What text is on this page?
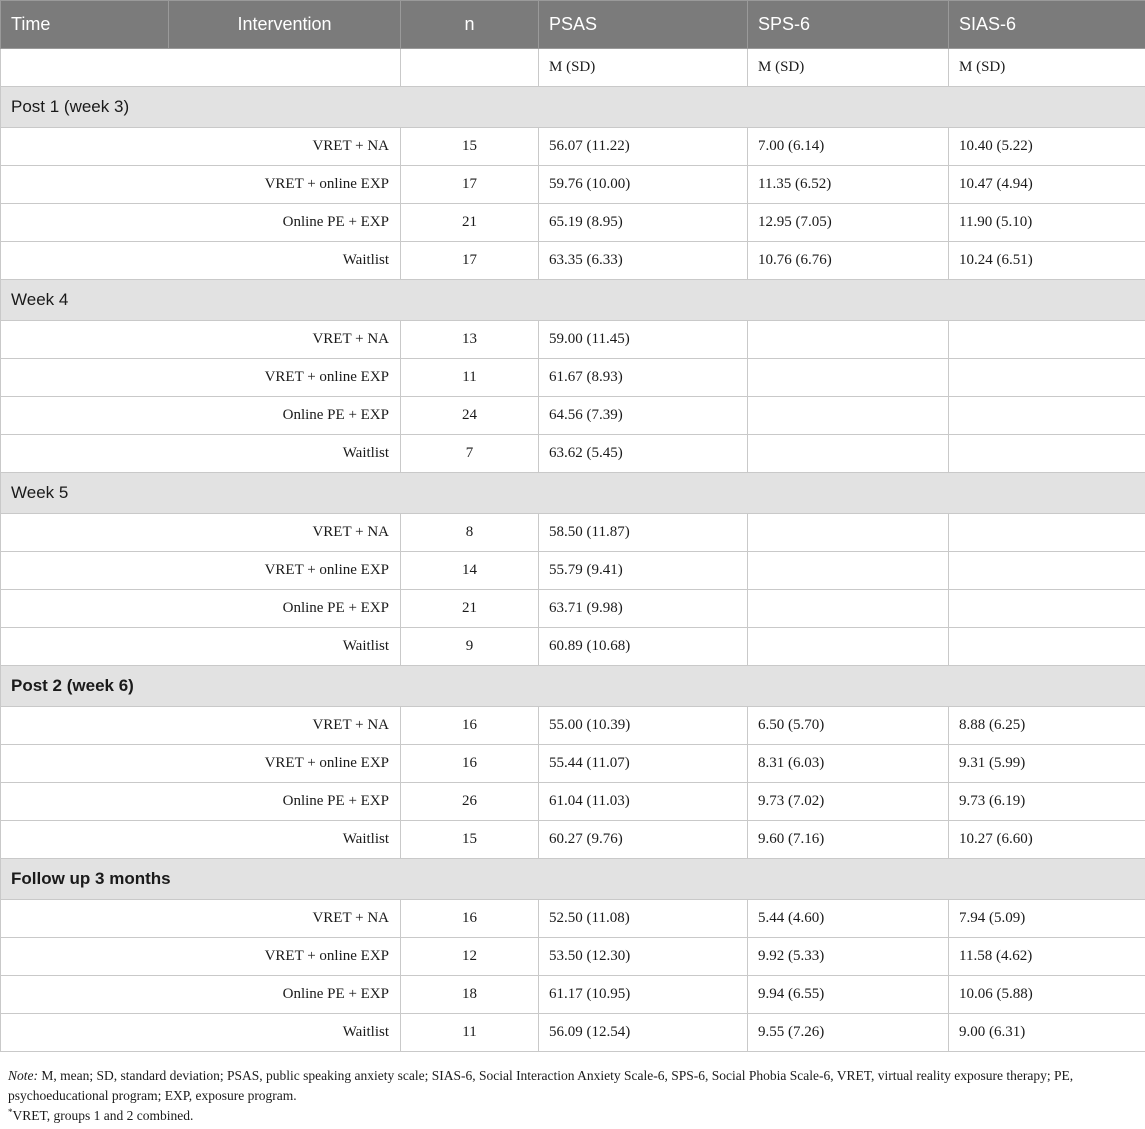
Time	Intervention	n	PSAS	SPS-6	SIAS-6
			M (SD)	M (SD)	M (SD)
Post 1 (week 3)					
VRET + NA		15	56.07 (11.22)	7.00 (6.14)	10.40 (5.22)
VRET + online EXP		17	59.76 (10.00)	11.35 (6.52)	10.47 (4.94)
Online PE + EXP		21	65.19 (8.95)	12.95 (7.05)	11.90 (5.10)
Waitlist		17	63.35 (6.33)	10.76 (6.76)	10.24 (6.51)
Week 4					
VRET + NA		13	59.00 (11.45)		
VRET + online EXP		11	61.67 (8.93)		
Online PE + EXP		24	64.56 (7.39)		
Waitlist		7	63.62 (5.45)		
Week 5					
VRET + NA		8	58.50 (11.87)		
VRET + online EXP		14	55.79 (9.41)		
Online PE + EXP		21	63.71 (9.98)		
Waitlist		9	60.89 (10.68)		
Post 2 (week 6)					
VRET + NA		16	55.00 (10.39)	6.50 (5.70)	8.88 (6.25)
VRET + online EXP		16	55.44 (11.07)	8.31 (6.03)	9.31 (5.99)
Online PE + EXP		26	61.04 (11.03)	9.73 (7.02)	9.73 (6.19)
Waitlist		15	60.27 (9.76)	9.60 (7.16)	10.27 (6.60)
Follow up 3 months					
VRET + NA		16	52.50 (11.08)	5.44 (4.60)	7.94 (5.09)
VRET + online EXP		12	53.50 (12.30)	9.92 (5.33)	11.58 (4.62)
Online PE + EXP		18	61.17 (10.95)	9.94 (6.55)	10.06 (5.88)
Waitlist		11	56.09 (12.54)	9.55 (7.26)	9.00 (6.31)

Note: M, mean; SD, standard deviation; PSAS, public speaking anxiety scale; SIAS-6, Social Interaction Anxiety Scale-6, SPS-6, Social Phobia Scale-6, VRET, virtual reality exposure therapy; PE, psychoeducational program; EXP, exposure program.

*VRET, groups 1 and 2 combined.
